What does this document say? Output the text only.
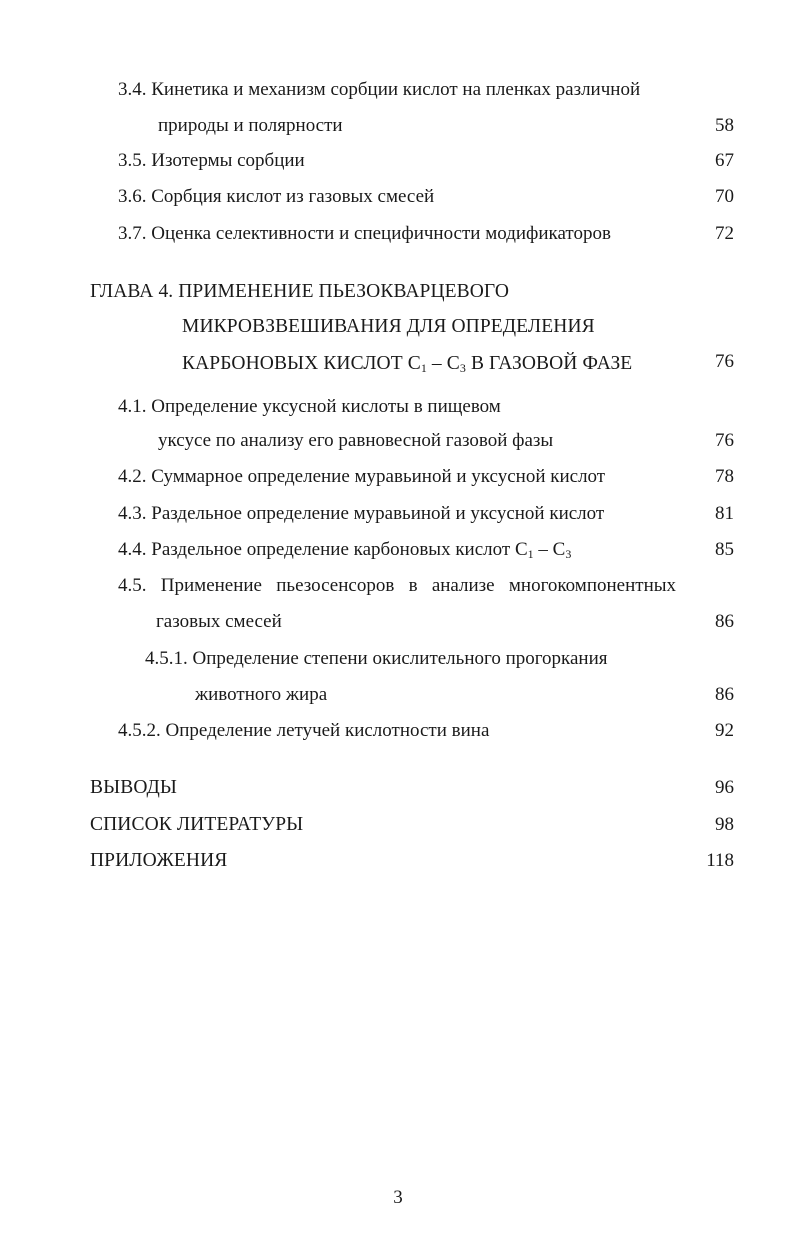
3.4. Кинетика и механизм сорбции кислот на пленках различной
природы и полярности	58
3.5. Изотермы сорбции	67
3.6. Сорбция кислот из газовых смесей	70
3.7. Оценка селективности и специфичности модификаторов	72
ГЛАВА 4. ПРИМЕНЕНИЕ ПЬЕЗОКВАРЦЕВОГО
МИКРОВЗВЕШИВАНИЯ ДЛЯ ОПРЕДЕЛЕНИЯ
КАРБОНОВЫХ КИСЛОТ $С_1 - С_3$ В ГАЗОВОЙ ФАЗЕ	76
4.1. Определение уксусной кислоты в пищевом
уксусе по анализу его равновесной газовой фазы	76
4.2. Суммарное определение муравьиной и уксусной кислот	78
4.3. Раздельное определение муравьиной и уксусной кислот	81
4.4. Раздельное определение карбоновых кислот $С_1 - С_3$	85
4.5. Применение пьезосенсоров в анализе многокомпонентных
газовых смесей	86
4.5.1. Определение степени окислительного прогоркания
животного жира	86
4.5.2. Определение летучей кислотности вина	92
ВЫВОДЫ	96
СПИСОК ЛИТЕРАТУРЫ	98
ПРИЛОЖЕНИЯ	118
3
